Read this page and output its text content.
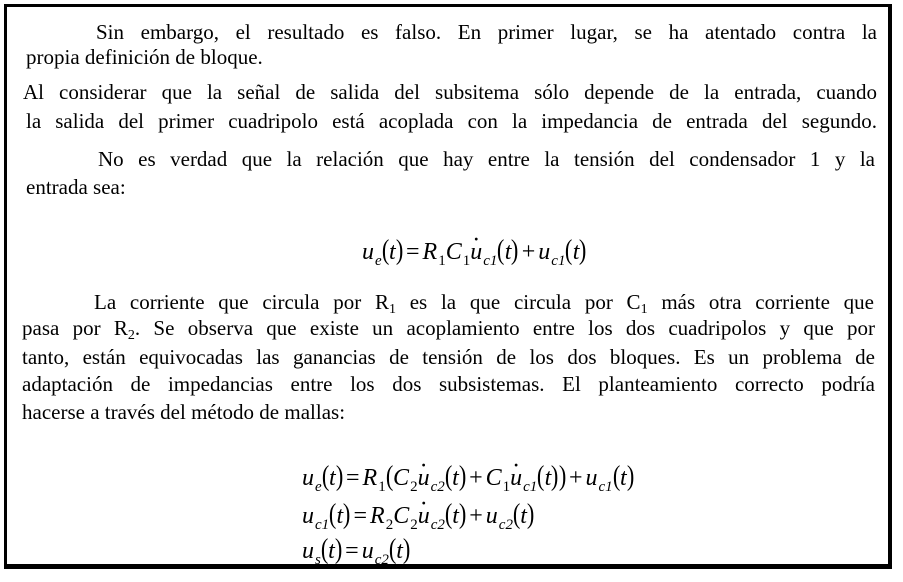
Sin embargo, el resultado es falso. En primer lugar, se ha atentado contra la
propia definición de bloque.
Al considerar que la señal de salida del subsitema sólo depende de la entrada, cuando
la salida del primer cuadripolo está acoplada con la impedancia de entrada del segundo.
No es verdad que la relación que hay entre la tensión del condensador 1 y la
entrada sea:
$u_e(t) = R_1C_1\cdot u_{c1}(t) + u_{c1}(t)$
La corriente que circula por $R_1$ es la que circula por $C_1$ más otra corriente que
pasa por $R_2$. Se observa que existe un acoplamiento entre los dos cuadripolos y que por
tanto, están equivocadas las ganancias de tensión de los dos bloques. Es un problema de
adaptación de impedancias entre los dos subsistemas. El planteamiento correcto podría
hacerse a través del método de mallas:
$u_e(t) = R_1(C_2\cdot u_{c2}(t) + C_1\cdot u_{c1}(t)) + u_{c1}(t)$
$u_{c1}(t) = R_2C_2\cdot u_{c2}(t) + u_{c2}(t)$
$u_s(t) = u_{c2}(t)$
